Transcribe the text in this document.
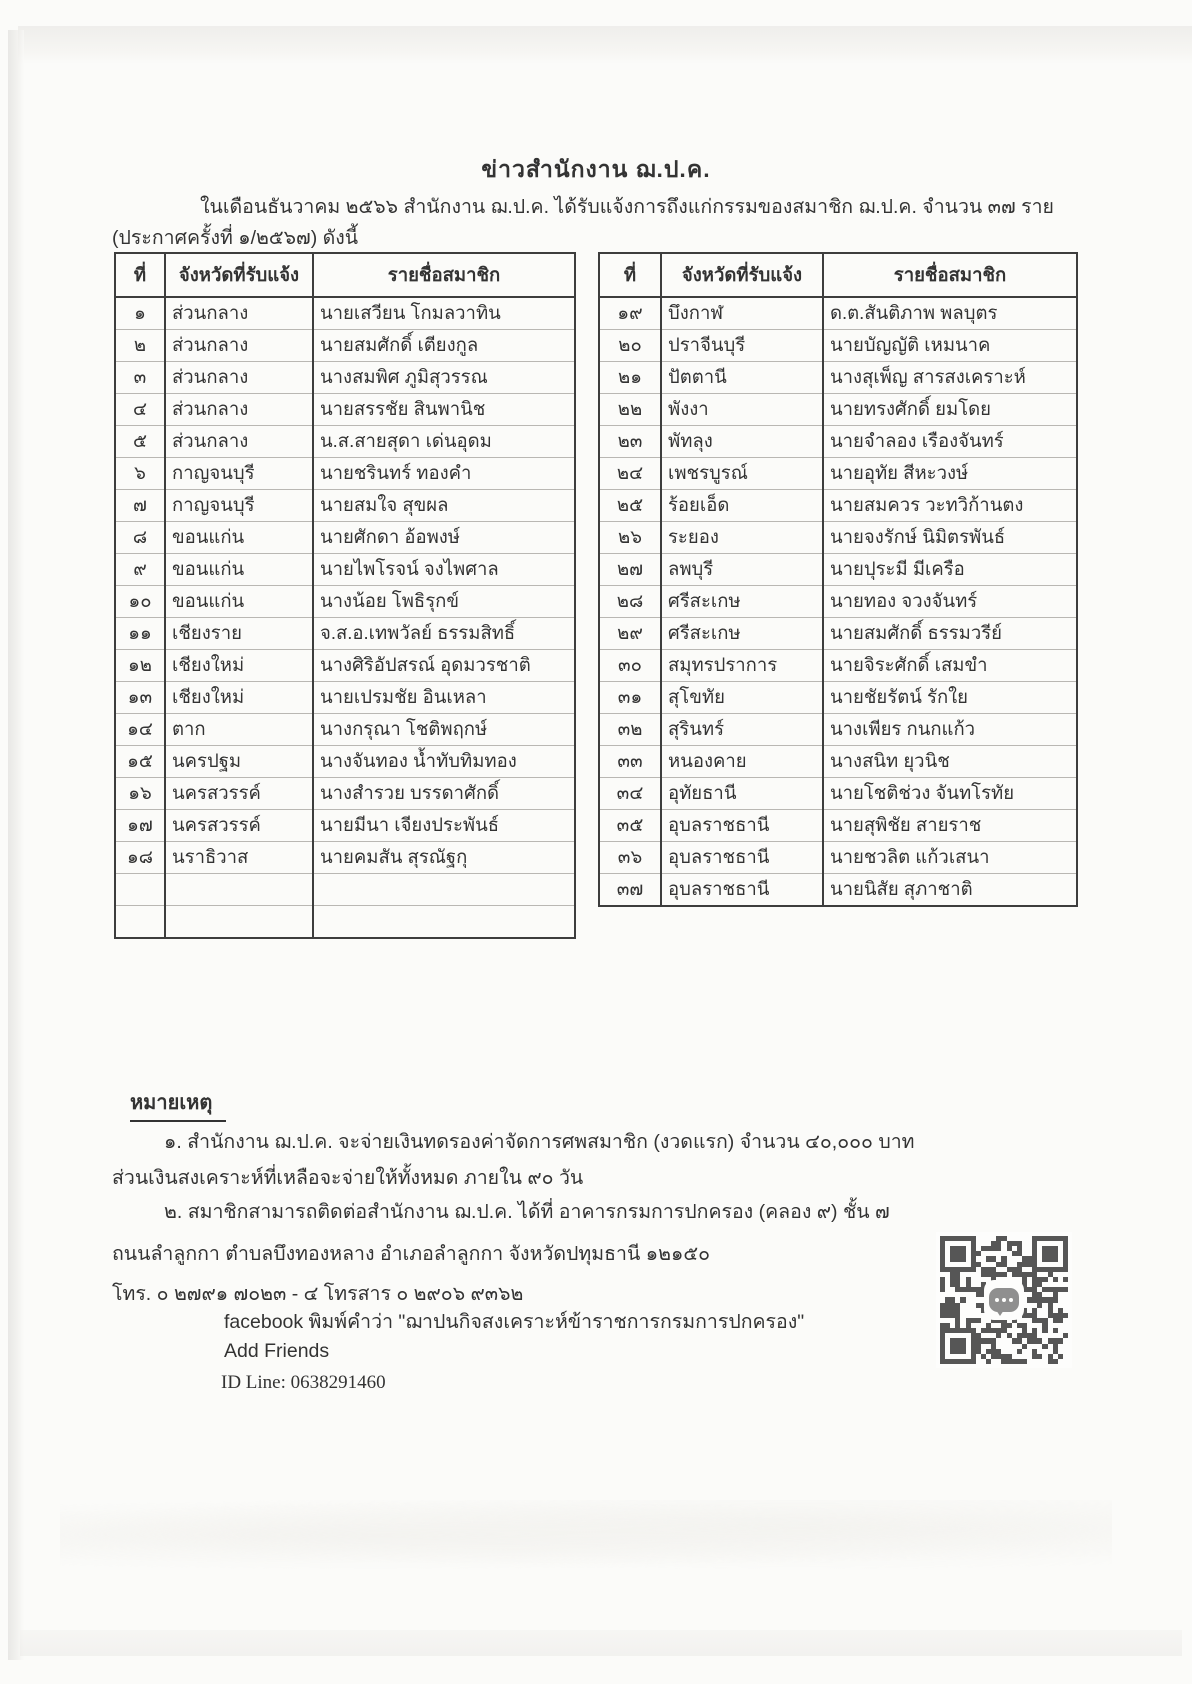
ข่าวสำนักงาน ฌ.ป.ค.

ในเดือนธันวาคม ๒๕๖๖ สำนักงาน ฌ.ป.ค. ได้รับแจ้งการถึงแก่กรรมของสมาชิก ฌ.ป.ค. จำนวน ๓๗ ราย
(ประกาศครั้งที่ ๑/๒๕๖๗) ดังนี้

ที่	จังหวัดที่รับแจ้ง	รายชื่อสมาชิก
๑	ส่วนกลาง	นายเสวียน โกมลวาทิน
๒	ส่วนกลาง	นายสมศักดิ์ เตียงกูล
๓	ส่วนกลาง	นางสมพิศ ภูมิสุวรรณ
๔	ส่วนกลาง	นายสรรชัย สินพานิช
๕	ส่วนกลาง	น.ส.สายสุดา เด่นอุดม
๖	กาญจนบุรี	นายชรินทร์ ทองคำ
๗	กาญจนบุรี	นายสมใจ สุขผล
๘	ขอนแก่น	นายศักดา อ้อพงษ์
๙	ขอนแก่น	นายไพโรจน์ จงไพศาล
๑๐	ขอนแก่น	นางน้อย โพธิรุกข์
๑๑	เชียงราย	จ.ส.อ.เทพวัลย์ ธรรมสิทธิ์
๑๒	เชียงใหม่	นางศิริอัปสรณ์ อุดมวรชาติ
๑๓	เชียงใหม่	นายเปรมชัย อินเหลา
๑๔	ตาก	นางกรุณา โชติพฤกษ์
๑๕	นครปฐม	นางจันทอง น้ำทับทิมทอง
๑๖	นครสวรรค์	นางสำรวย บรรดาศักดิ์
๑๗	นครสวรรค์	นายมีนา เจียงประพันธ์
๑๘	นราธิวาส	นายคมสัน สุรณัฐกุ

ที่	จังหวัดที่รับแจ้ง	รายชื่อสมาชิก
๑๙	บึงกาฬ	ด.ต.สันติภาพ พลบุตร
๒๐	ปราจีนบุรี	นายบัญญัติ เหมนาค
๒๑	ปัตตานี	นางสุเพ็ญ สารสงเคราะห์
๒๒	พังงา	นายทรงศักดิ์ ยมโดย
๒๓	พัทลุง	นายจำลอง เรืองจันทร์
๒๔	เพชรบูรณ์	นายอุทัย สีหะวงษ์
๒๕	ร้อยเอ็ด	นายสมควร วะทวิก้านตง
๒๖	ระยอง	นายจงรักษ์ นิมิตรพันธ์
๒๗	ลพบุรี	นายปุระมี มีเครือ
๒๘	ศรีสะเกษ	นายทอง จวงจันทร์
๒๙	ศรีสะเกษ	นายสมศักดิ์ ธรรมวรีย์
๓๐	สมุทรปราการ	นายจิระศักดิ์ เสมขำ
๓๑	สุโขทัย	นายชัยรัตน์ รักใย
๓๒	สุรินทร์	นางเพียร กนกแก้ว
๓๓	หนองคาย	นางสนิท ยุวนิช
๓๔	อุทัยธานี	นายโชติช่วง จันทโรทัย
๓๕	อุบลราชธานี	นายสุพิชัย สายราช
๓๖	อุบลราชธานี	นายชวลิต แก้วเสนา
๓๗	อุบลราชธานี	นายนิสัย สุภาชาติ
หมายเหตุ
๑. สำนักงาน ฌ.ป.ค. จะจ่ายเงินทดรองค่าจัดการศพสมาชิก (งวดแรก) จำนวน ๔๐,๐๐๐ บาท
ส่วนเงินสงเคราะห์ที่เหลือจะจ่ายให้ทั้งหมด ภายใน ๙๐ วัน
๒. สมาชิกสามารถติดต่อสำนักงาน ฌ.ป.ค. ได้ที่ อาคารกรมการปกครอง (คลอง ๙) ชั้น ๗
ถนนลำลูกกา ตำบลบึงทองหลาง อำเภอลำลูกกา จังหวัดปทุมธานี ๑๒๑๕๐
โทร. ๐ ๒๗๙๑ ๗๐๒๓ - ๔ โทรสาร ๐ ๒๙๐๖ ๙๓๖๒
facebook พิมพ์คำว่า "ฌาปนกิจสงเคราะห์ข้าราชการกรมการปกครอง"
Add Friends
ID Line: 0638291460
